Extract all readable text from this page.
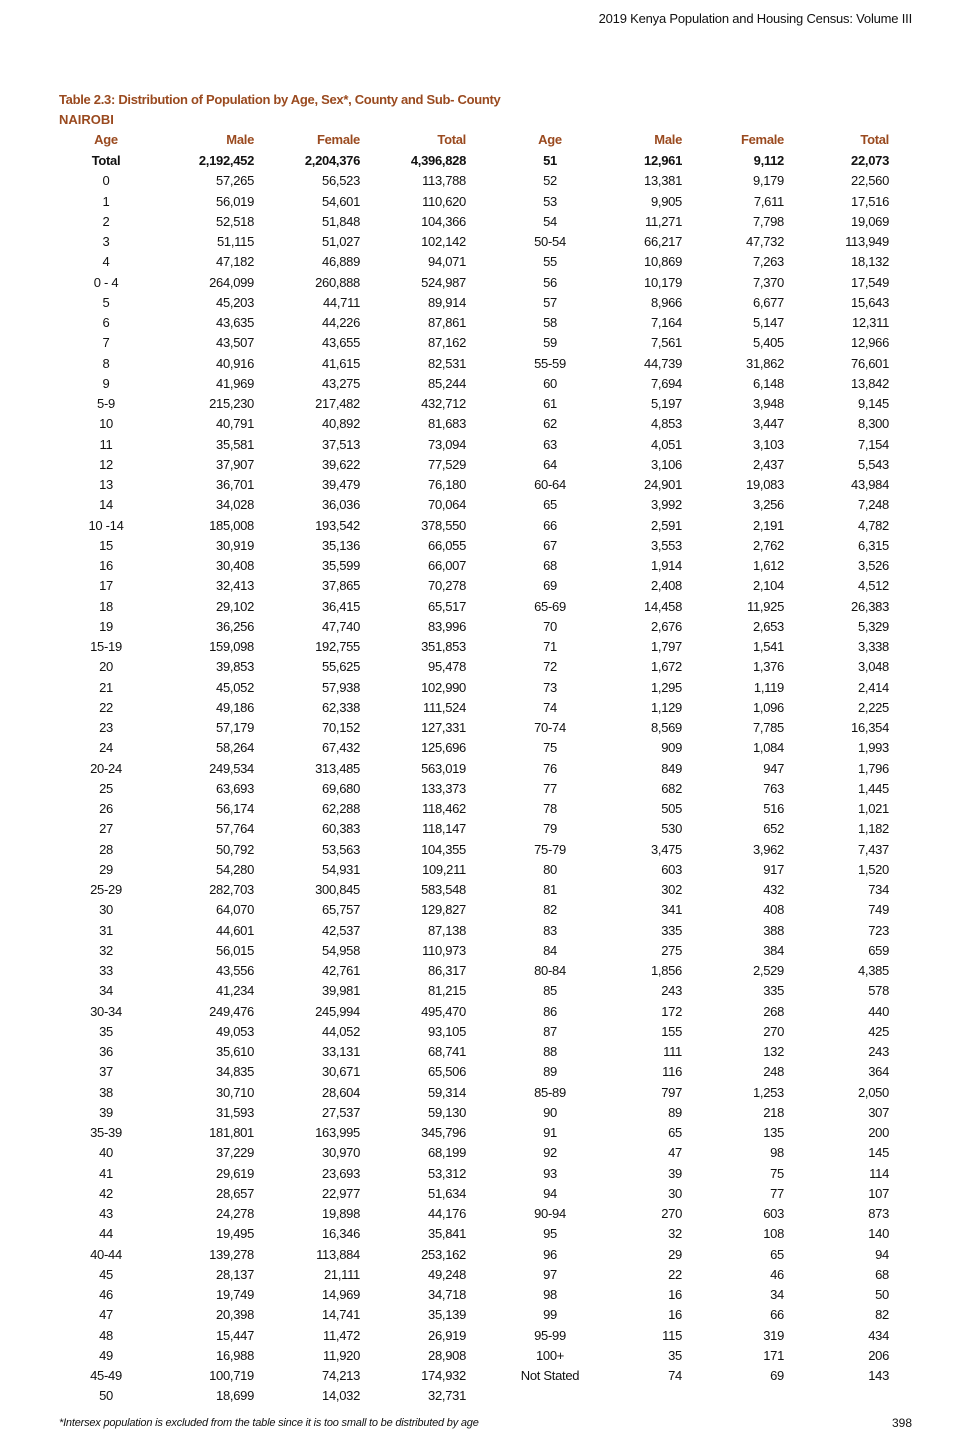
2019 Kenya Population and Housing Census: Volume III
Table 2.3: Distribution of Population by Age, Sex*, County and Sub- County
NAIROBI
Age	Male	Female	Total	Age	Male	Female	Total
Total	2,192,452	2,204,376	4,396,828	51	12,961	9,112	22,073
0	57,265	56,523	113,788	52	13,381	9,179	22,560
1	56,019	54,601	110,620	53	9,905	7,611	17,516
2	52,518	51,848	104,366	54	11,271	7,798	19,069
3	51,115	51,027	102,142	50-54	66,217	47,732	113,949
4	47,182	46,889	94,071	55	10,869	7,263	18,132
0 - 4	264,099	260,888	524,987	56	10,179	7,370	17,549
5	45,203	44,711	89,914	57	8,966	6,677	15,643
6	43,635	44,226	87,861	58	7,164	5,147	12,311
7	43,507	43,655	87,162	59	7,561	5,405	12,966
8	40,916	41,615	82,531	55-59	44,739	31,862	76,601
9	41,969	43,275	85,244	60	7,694	6,148	13,842
5-9	215,230	217,482	432,712	61	5,197	3,948	9,145
10	40,791	40,892	81,683	62	4,853	3,447	8,300
11	35,581	37,513	73,094	63	4,051	3,103	7,154
12	37,907	39,622	77,529	64	3,106	2,437	5,543
13	36,701	39,479	76,180	60-64	24,901	19,083	43,984
14	34,028	36,036	70,064	65	3,992	3,256	7,248
10 -14	185,008	193,542	378,550	66	2,591	2,191	4,782
15	30,919	35,136	66,055	67	3,553	2,762	6,315
16	30,408	35,599	66,007	68	1,914	1,612	3,526
17	32,413	37,865	70,278	69	2,408	2,104	4,512
18	29,102	36,415	65,517	65-69	14,458	11,925	26,383
19	36,256	47,740	83,996	70	2,676	2,653	5,329
15-19	159,098	192,755	351,853	71	1,797	1,541	3,338
20	39,853	55,625	95,478	72	1,672	1,376	3,048
21	45,052	57,938	102,990	73	1,295	1,119	2,414
22	49,186	62,338	111,524	74	1,129	1,096	2,225
23	57,179	70,152	127,331	70-74	8,569	7,785	16,354
24	58,264	67,432	125,696	75	909	1,084	1,993
20-24	249,534	313,485	563,019	76	849	947	1,796
25	63,693	69,680	133,373	77	682	763	1,445
26	56,174	62,288	118,462	78	505	516	1,021
27	57,764	60,383	118,147	79	530	652	1,182
28	50,792	53,563	104,355	75-79	3,475	3,962	7,437
29	54,280	54,931	109,211	80	603	917	1,520
25-29	282,703	300,845	583,548	81	302	432	734
30	64,070	65,757	129,827	82	341	408	749
31	44,601	42,537	87,138	83	335	388	723
32	56,015	54,958	110,973	84	275	384	659
33	43,556	42,761	86,317	80-84	1,856	2,529	4,385
34	41,234	39,981	81,215	85	243	335	578
30-34	249,476	245,994	495,470	86	172	268	440
35	49,053	44,052	93,105	87	155	270	425
36	35,610	33,131	68,741	88	111	132	243
37	34,835	30,671	65,506	89	116	248	364
38	30,710	28,604	59,314	85-89	797	1,253	2,050
39	31,593	27,537	59,130	90	89	218	307
35-39	181,801	163,995	345,796	91	65	135	200
40	37,229	30,970	68,199	92	47	98	145
41	29,619	23,693	53,312	93	39	75	114
42	28,657	22,977	51,634	94	30	77	107
43	24,278	19,898	44,176	90-94	270	603	873
44	19,495	16,346	35,841	95	32	108	140
40-44	139,278	113,884	253,162	96	29	65	94
45	28,137	21,111	49,248	97	22	46	68
46	19,749	14,969	34,718	98	16	34	50
47	20,398	14,741	35,139	99	16	66	82
48	15,447	11,472	26,919	95-99	115	319	434
49	16,988	11,920	28,908	100+	35	171	206
45-49	100,719	74,213	174,932	Not Stated	74	69	143
50	18,699	14,032	32,731
*Intersex population is excluded from the table since it is too small to be distributed by age	398
